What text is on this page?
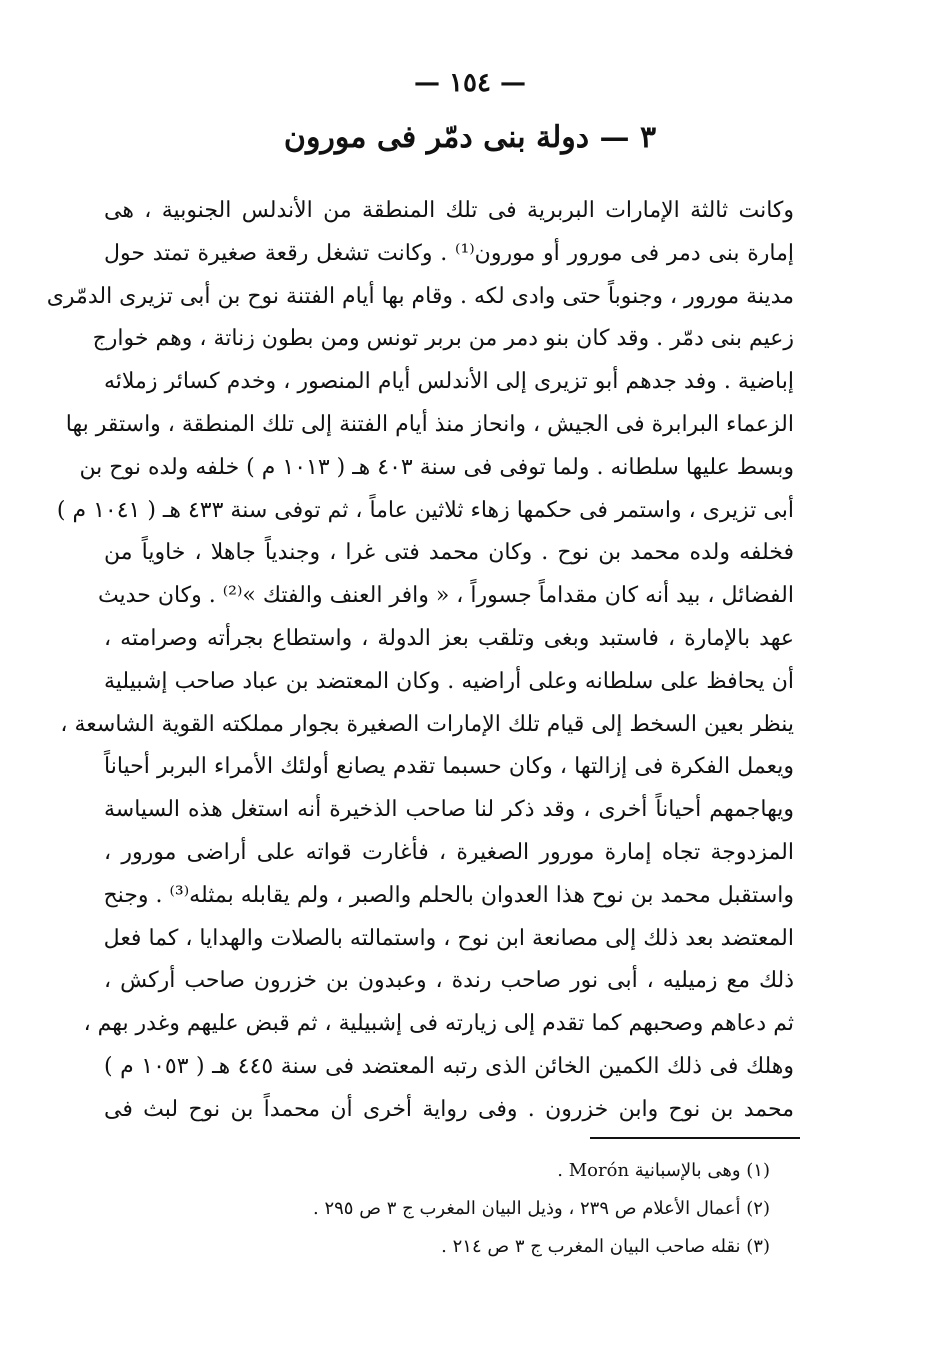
— ١٥٤ —
٣ — دولة بنى دمّر فى مورون
وكانت ثالثة الإمارات البربرية فى تلك المنطقة من الأندلس الجنوبية ، هى
إمارة بنى دمر فى مورور أو مورون⁽¹⁾ . وكانت تشغل رقعة صغيرة تمتد حول
مدينة مورور ، وجنوباً حتى وادى لكه . وقام بها أيام الفتنة نوح بن أبى تزيرى الدمّرى
زعيم بنى دمّر . وقد كان بنو دمر من بربر تونس ومن بطون زناتة ، وهم خوارج
إباضية . وفد جدهم أبو تزيرى إلى الأندلس أيام المنصور ، وخدم كسائر زملائه
الزعماء البرابرة فى الجيش ، وانحاز منذ أيام الفتنة إلى تلك المنطقة ، واستقر بها
وبسط عليها سلطانه . ولما توفى فى سنة ٤٠٣ هـ ( ١٠١٣ م ) خلفه ولده نوح بن
أبى تزيرى ، واستمر فى حكمها زهاء ثلاثين عاماً ، ثم توفى سنة ٤٣٣ هـ ( ١٠٤١ م )
فخلفه ولده محمد بن نوح . وكان محمد فتى غرا ، وجندياً جاهلا ، خاوياً من
الفضائل ، بيد أنه كان مقداماً جسوراً ، « وافر العنف والفتك »⁽²⁾ . وكان حديث
عهد بالإمارة ، فاستبد وبغى وتلقب بعز الدولة ، واستطاع بجرأته وصرامته ،
أن يحافظ على سلطانه وعلى أراضيه . وكان المعتضد بن عباد صاحب إشبيلية
ينظر بعين السخط إلى قيام تلك الإمارات الصغيرة بجوار مملكته القوية الشاسعة ،
ويعمل الفكرة فى إزالتها ، وكان حسبما تقدم يصانع أولئك الأمراء البربر أحياناً
ويهاجمهم أحياناً أخرى ، وقد ذكر لنا صاحب الذخيرة أنه استغل هذه السياسة
المزدوجة تجاه إمارة مورور الصغيرة ، فأغارت قواته على أراضى مورور ،
واستقبل محمد بن نوح هذا العدوان بالحلم والصبر ، ولم يقابله بمثله⁽³⁾ . وجنح
المعتضد بعد ذلك إلى مصانعة ابن نوح ، واستمالته بالصلات والهدايا ، كما فعل
ذلك مع زميليه ، أبى نور صاحب رندة ، وعبدون بن خزرون صاحب أركش ،
ثم دعاهم وصحبهم كما تقدم إلى زيارته فى إشبيلية ، ثم قبض عليهم وغدر بهم ،
وهلك فى ذلك الكمين الخائن الذى رتبه المعتضد فى سنة ٤٤٥ هـ ( ١٠٥٣ م )
محمد بن نوح وابن خزرون . وفى رواية أخرى أن محمداً بن نوح لبث فى
(١) وهى بالإسبانية Morón .
(٢) أعمال الأعلام ص ٢٣٩ ، وذيل البيان المغرب ج ٣ ص ٢٩٥ .
(٣) نقله صاحب البيان المغرب ج ٣ ص ٢١٤ .
